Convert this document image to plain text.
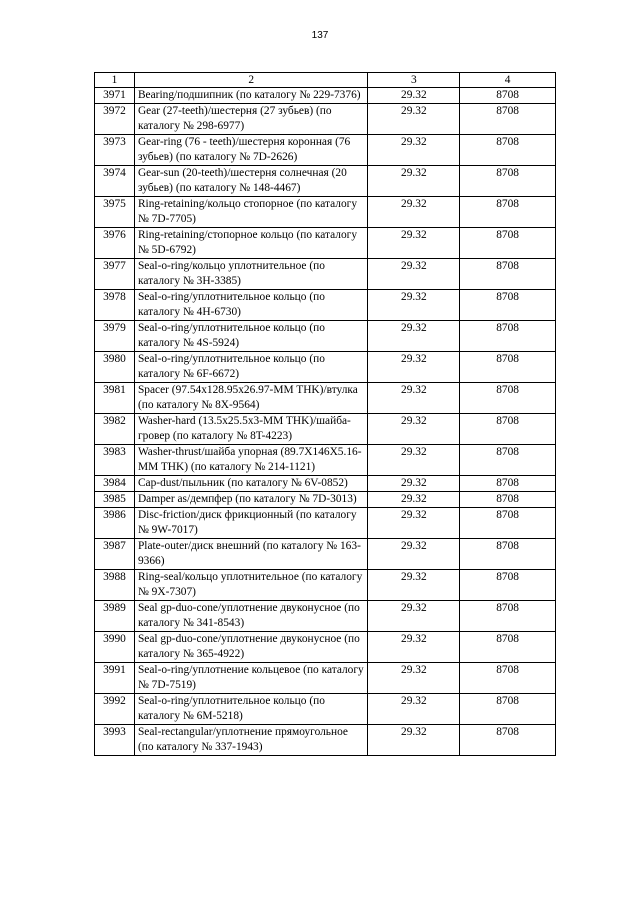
137
1	2	3	4
3971	Bearing/подшипник (по каталогу № 229-7376)	29.32	8708
3972	Gear (27-teeth)/шестерня (27 зубьев) (по каталогу № 298-6977)	29.32	8708
3973	Gear-ring (76 - teeth)/шестерня коронная (76 зубьев) (по каталогу № 7D-2626)	29.32	8708
3974	Gear-sun (20-teeth)/шестерня солнечная (20 зубьев) (по каталогу № 148-4467)	29.32	8708
3975	Ring-retaining/кольцо стопорное (по каталогу № 7D-7705)	29.32	8708
3976	Ring-retaining/стопорное кольцо (по каталогу № 5D-6792)	29.32	8708
3977	Seal-o-ring/кольцо уплотнительное (по каталогу № 3H-3385)	29.32	8708
3978	Seal-o-ring/уплотнительное кольцо (по каталогу № 4H-6730)	29.32	8708
3979	Seal-o-ring/уплотнительное кольцо (по каталогу № 4S-5924)	29.32	8708
3980	Seal-o-ring/уплотнительное кольцо (по каталогу № 6F-6672)	29.32	8708
3981	Spacer (97.54x128.95x26.97-MM THK)/втулка (по каталогу № 8X-9564)	29.32	8708
3982	Washer-hard (13.5x25.5x3-MM THK)/шайба-гровер (по каталогу № 8T-4223)	29.32	8708
3983	Washer-thrust/шайба упорная (89.7X146X5.16-MM THK) (по каталогу № 214-1121)	29.32	8708
3984	Cap-dust/пыльник (по каталогу № 6V-0852)	29.32	8708
3985	Damper as/демпфер (по каталогу № 7D-3013)	29.32	8708
3986	Disc-friction/диск фрикционный (по каталогу № 9W-7017)	29.32	8708
3987	Plate-outer/диск внешний (по каталогу № 163-9366)	29.32	8708
3988	Ring-seal/кольцо уплотнительное (по каталогу № 9X-7307)	29.32	8708
3989	Seal gp-duo-cone/уплотнение двуконусное (по каталогу № 341-8543)	29.32	8708
3990	Seal gp-duo-cone/уплотнение двуконусное (по каталогу № 365-4922)	29.32	8708
3991	Seal-o-ring/уплотнение кольцевое (по каталогу № 7D-7519)	29.32	8708
3992	Seal-o-ring/уплотнительное кольцо (по каталогу № 6M-5218)	29.32	8708
3993	Seal-rectangular/уплотнение прямоугольное (по каталогу № 337-1943)	29.32	8708
